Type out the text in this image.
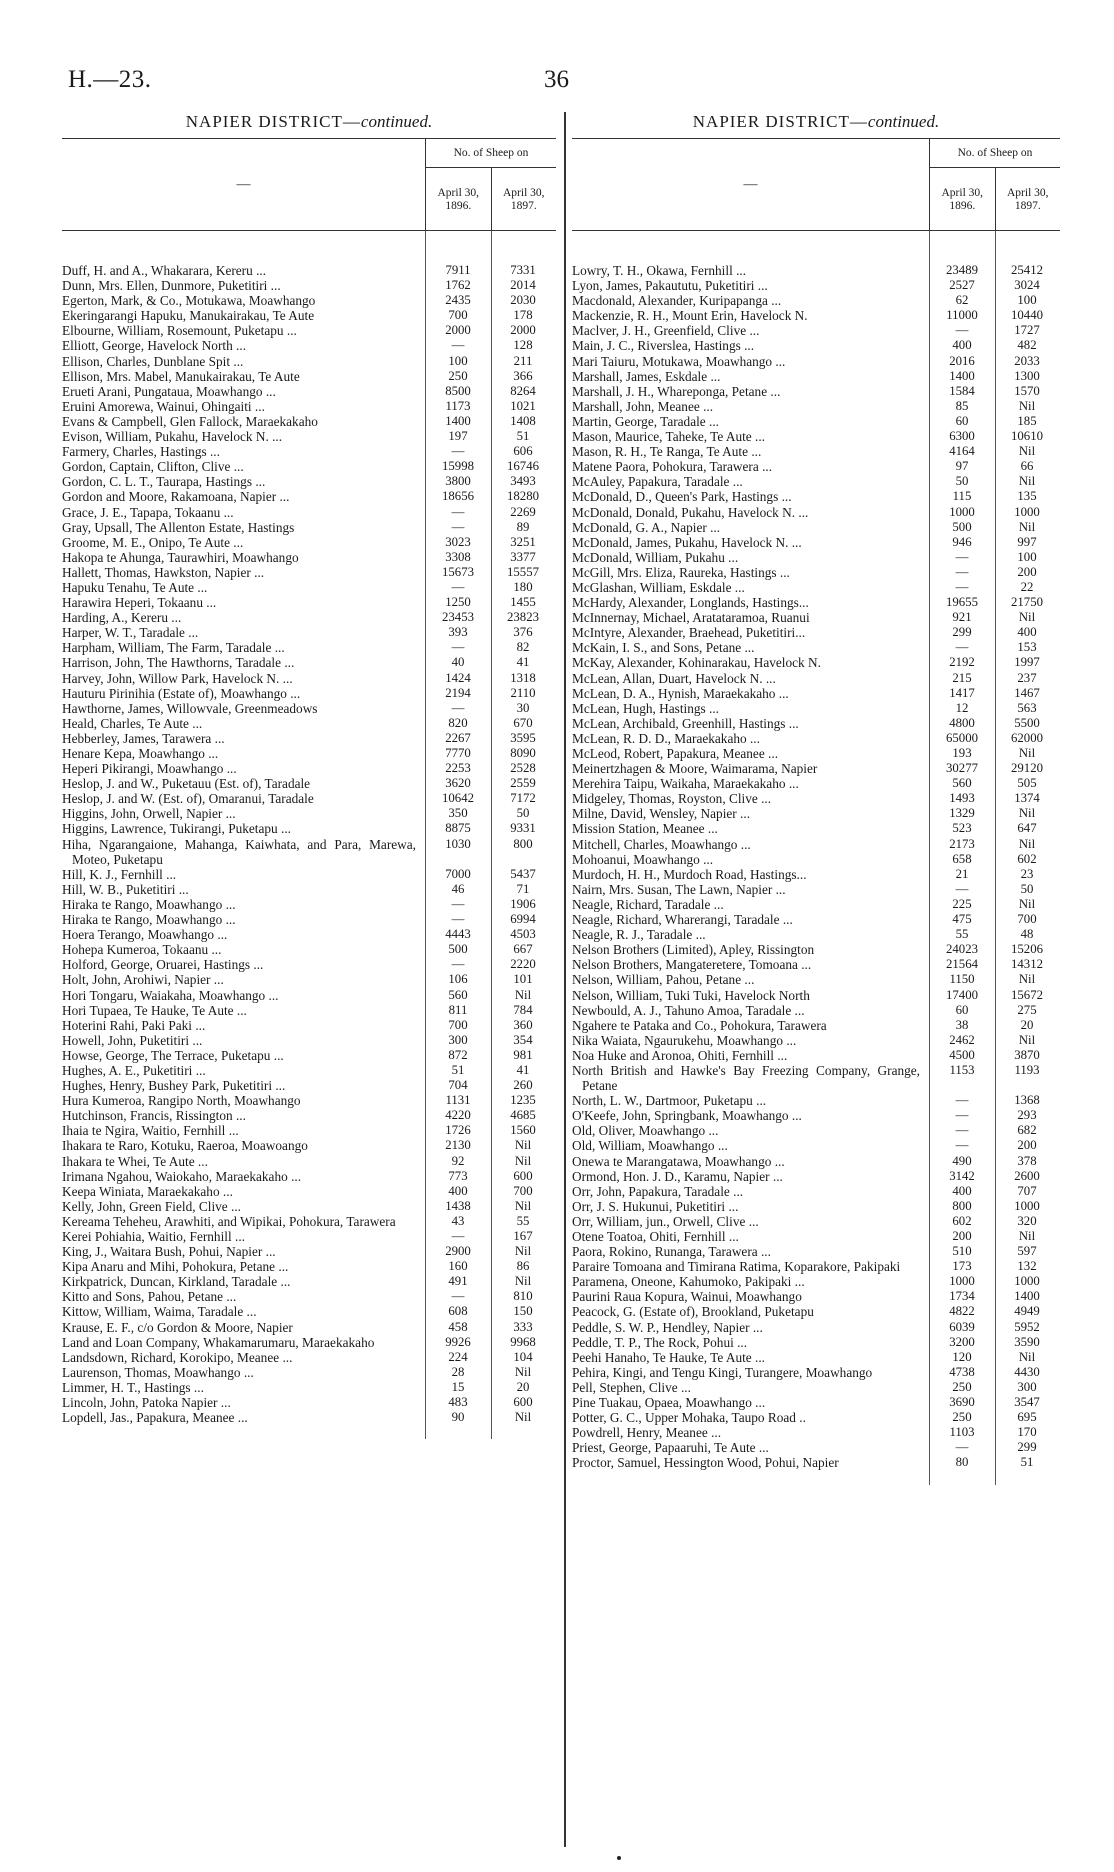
H.—23.	36
NAPIER DISTRICT—continued.
—
No. of Sheep on
April 30, 1896.
April 30, 1897.
Duff, H. and A., Whakarara, Kereru ...	7911	7331
Dunn, Mrs. Ellen, Dunmore, Puketitiri ...	1762	2014
Egerton, Mark, & Co., Motukawa, Moawhango	2435	2030
Ekeringarangi Hapuku, Manukairakau, Te Aute	700	178
Elbourne, William, Rosemount, Puketapu ...	2000	2000
Elliott, George, Havelock North ...	—	128
Ellison, Charles, Dunblane Spit ...	100	211
Ellison, Mrs. Mabel, Manukairakau, Te Aute	250	366
Erueti Arani, Pungataua, Moawhango ...	8500	8264
Eruini Amorewa, Wainui, Ohingaiti ...	1173	1021
Evans & Campbell, Glen Fallock, Maraekakaho	1400	1408
Evison, William, Pukahu, Havelock N. ...	197	51
Farmery, Charles, Hastings ...	—	606
Gordon, Captain, Clifton, Clive ...	15998	16746
Gordon, C. L. T., Taurapa, Hastings ...	3800	3493
Gordon and Moore, Rakamoana, Napier ...	18656	18280
Grace, J. E., Tapapa, Tokaanu ...	—	2269
Gray, Upsall, The Allenton Estate, Hastings	—	89
Groome, M. E., Onipo, Te Aute ...	3023	3251
Hakopa te Ahunga, Taurawhiri, Moawhango	3308	3377
Hallett, Thomas, Hawkston, Napier ...	15673	15557
Hapuku Tenahu, Te Aute ...	—	180
Harawira Heperi, Tokaanu ...	1250	1455
Harding, A., Kereru ...	23453	23823
Harper, W. T., Taradale ...	393	376
Harpham, William, The Farm, Taradale ...	—	82
Harrison, John, The Hawthorns, Taradale ...	40	41
Harvey, John, Willow Park, Havelock N. ...	1424	1318
Hauturu Pirinihia (Estate of), Moawhango ...	2194	2110
Hawthorne, James, Willowvale, Greenmeadows	—	30
Heald, Charles, Te Aute ...	820	670
Hebberley, James, Tarawera ...	2267	3595
Henare Kepa, Moawhango ...	7770	8090
Heperi Pikirangi, Moawhango ...	2253	2528
Heslop, J. and W., Puketauu (Est. of), Taradale	3620	2559
Heslop, J. and W. (Est. of), Omaranui, Taradale	10642	7172
Higgins, John, Orwell, Napier ...	350	50
Higgins, Lawrence, Tukirangi, Puketapu ...	8875	9331
Hiha, Ngarangaione, Mahanga, Kaiwhata, and Para, Marewa, Moteo, Puketapu
1030	800
Hill, K. J., Fernhill ...	7000	5437
Hill, W. B., Puketitiri ...	46	71
Hiraka te Rango, Moawhango ...	—	1906
Hiraka te Rango, Moawhango ...	—	6994
Hoera Terango, Moawhango ...	4443	4503
Hohepa Kumeroa, Tokaanu ...	500	667
Holford, George, Oruarei, Hastings ...	—	2220
Holt, John, Arohiwi, Napier ...	106	101
Hori Tongaru, Waiakaha, Moawhango ...	560	Nil
Hori Tupaea, Te Hauke, Te Aute ...	811	784
Hoterini Rahi, Paki Paki ...	700	360
Howell, John, Puketitiri ...	300	354
Howse, George, The Terrace, Puketapu ...	872	981
Hughes, A. E., Puketitiri ...	51	41
Hughes, Henry, Bushey Park, Puketitiri ...	704	260
Hura Kumeroa, Rangipo North, Moawhango	1131	1235
Hutchinson, Francis, Rissington ...	4220	4685
Ihaia te Ngira, Waitio, Fernhill ...	1726	1560
Ihakara te Raro, Kotuku, Raeroa, Moawoango	2130	Nil
Ihakara te Whei, Te Aute ...	92	Nil
Irimana Ngahou, Waiokaho, Maraekakaho ...	773	600
Keepa Winiata, Maraekakaho ...	400	700
Kelly, John, Green Field, Clive ...	1438	Nil
Kereama Teheheu, Arawhiti, and Wipikai, Pohokura, Tarawera	43	55
Kerei Pohiahia, Waitio, Fernhill ...	—	167
King, J., Waitara Bush, Pohui, Napier ...	2900	Nil
Kipa Anaru and Mihi, Pohokura, Petane ...	160	86
Kirkpatrick, Duncan, Kirkland, Taradale ...	491	Nil
Kitto and Sons, Pahou, Petane ...	—	810
Kittow, William, Waima, Taradale ...	608	150
Krause, E. F., c/o Gordon & Moore, Napier	458	333
Land and Loan Company, Whakamarumaru, Maraekakaho	9926	9968
Landsdown, Richard, Korokipo, Meanee ...	224	104
Laurenson, Thomas, Moawhango ...	28	Nil
Limmer, H. T., Hastings ...	15	20
Lincoln, John, Patoka Napier ...	483	600
Lopdell, Jas., Papakura, Meanee ...	90	Nil
NAPIER DISTRICT—continued.
—
No. of Sheep on
April 30, 1896.
April 30, 1897.
Lowry, T. H., Okawa, Fernhill ...	23489	25412
Lyon, James, Pakaututu, Puketitiri ...	2527	3024
Macdonald, Alexander, Kuripapanga ...	62	100
Mackenzie, R. H., Mount Erin, Havelock N.	11000	10440
Maclver, J. H., Greenfield, Clive ...	—	1727
Main, J. C., Riverslea, Hastings ...	400	482
Mari Taiuru, Motukawa, Moawhango ...	2016	2033
Marshall, James, Eskdale ...	1400	1300
Marshall, J. H., Whareponga, Petane ...	1584	1570
Marshall, John, Meanee ...	85	Nil
Martin, George, Taradale ...	60	185
Mason, Maurice, Taheke, Te Aute ...	6300	10610
Mason, R. H., Te Ranga, Te Aute ...	4164	Nil
Matene Paora, Pohokura, Tarawera ...	97	66
McAuley, Papakura, Taradale ...	50	Nil
McDonald, D., Queen's Park, Hastings ...	115	135
McDonald, Donald, Pukahu, Havelock N. ...	1000	1000
McDonald, G. A., Napier ...	500	Nil
McDonald, James, Pukahu, Havelock N. ...	946	997
McDonald, William, Pukahu ...	—	100
McGill, Mrs. Eliza, Raureka, Hastings ...	—	200
McGlashan, William, Eskdale ...	—	22
McHardy, Alexander, Longlands, Hastings...	19655	21750
McInnernay, Michael, Aratataramoa, Ruanui	921	Nil
McIntyre, Alexander, Braehead, Puketitiri...	299	400
McKain, I. S., and Sons, Petane ...	—	153
McKay, Alexander, Kohinarakau, Havelock N.	2192	1997
McLean, Allan, Duart, Havelock N. ...	215	237
McLean, D. A., Hynish, Maraekakaho ...	1417	1467
McLean, Hugh, Hastings ...	12	563
McLean, Archibald, Greenhill, Hastings ...	4800	5500
McLean, R. D. D., Maraekakaho ...	65000	62000
McLeod, Robert, Papakura, Meanee ...	193	Nil
Meinertzhagen & Moore, Waimarama, Napier	30277	29120
Merehira Taipu, Waikaha, Maraekakaho ...	560	505
Midgeley, Thomas, Royston, Clive ...	1493	1374
Milne, David, Wensley, Napier ...	1329	Nil
Mission Station, Meanee ...	523	647
Mitchell, Charles, Moawhango ...	2173	Nil
Mohoanui, Moawhango ...	658	602
Murdoch, H. H., Murdoch Road, Hastings...	21	23
Nairn, Mrs. Susan, The Lawn, Napier ...	—	50
Neagle, Richard, Taradale ...	225	Nil
Neagle, Richard, Wharerangi, Taradale ...	475	700
Neagle, R. J., Taradale ...	55	48
Nelson Brothers (Limited), Apley, Rissington	24023	15206
Nelson Brothers, Mangateretere, Tomoana ...	21564	14312
Nelson, William, Pahou, Petane ...	1150	Nil
Nelson, William, Tuki Tuki, Havelock North	17400	15672
Newbould, A. J., Tahuno Amoa, Taradale ...	60	275
Ngahere te Pataka and Co., Pohokura, Tarawera	38	20
Nika Waiata, Ngaurukehu, Moawhango ...	2462	Nil
Noa Huke and Aronoa, Ohiti, Fernhill ...	4500	3870
North British and Hawke's Bay Freezing Company, Grange, Petane
1153	1193
North, L. W., Dartmoor, Puketapu ...	—	1368
O'Keefe, John, Springbank, Moawhango ...	—	293
Old, Oliver, Moawhango ...	—	682
Old, William, Moawhango ...	—	200
Onewa te Marangatawa, Moawhango ...	490	378
Ormond, Hon. J. D., Karamu, Napier ...	3142	2600
Orr, John, Papakura, Taradale ...	400	707
Orr, J. S. Hukunui, Puketitiri ...	800	1000
Orr, William, jun., Orwell, Clive ...	602	320
Otene Toatoa, Ohiti, Fernhill ...	200	Nil
Paora, Rokino, Runanga, Tarawera ...	510	597
Paraire Tomoana and Timirana Ratima, Koparakore, Pakipaki	173	132
Paramena, Oneone, Kahumoko, Pakipaki ...	1000	1000
Paurini Raua Kopura, Wainui, Moawhango	1734	1400
Peacock, G. (Estate of), Brookland, Puketapu	4822	4949
Peddle, S. W. P., Hendley, Napier ...	6039	5952
Peddle, T. P., The Rock, Pohui ...	3200	3590
Peehi Hanaho, Te Hauke, Te Aute ...	120	Nil
Pehira, Kingi, and Tengu Kingi, Turangere, Moawhango	4738	4430
Pell, Stephen, Clive ...	250	300
Pine Tuakau, Opaea, Moawhango ...	3690	3547
Potter, G. C., Upper Mohaka, Taupo Road ..	250	695
Powdrell, Henry, Meanee ...	1103	170
Priest, George, Papaaruhi, Te Aute ...	—	299
Proctor, Samuel, Hessington Wood, Pohui, Napier	80	51
